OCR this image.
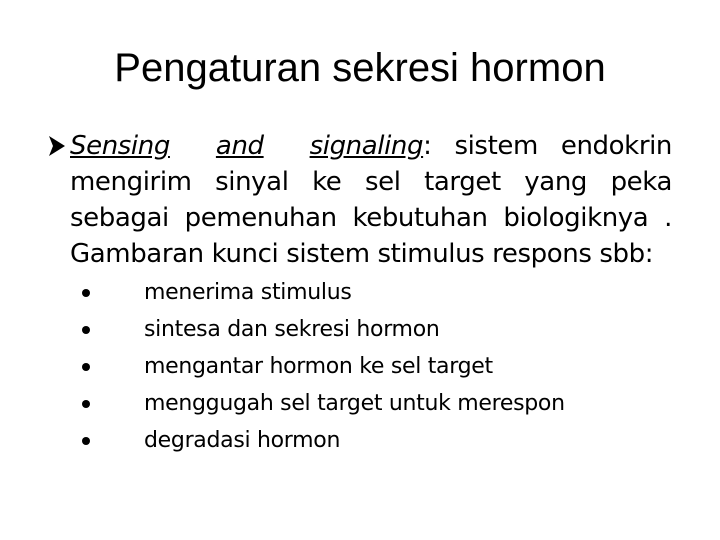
Pengaturan sekresi hormon
Sensing and signaling: sistem endokrin mengirim sinyal ke sel target yang peka sebagai pemenuhan kebutuhan biologiknya . Gambaran kunci sistem stimulus respons sbb:
menerima stimulus
sintesa dan sekresi hormon
mengantar hormon ke sel target
menggugah sel target untuk merespon
degradasi hormon
